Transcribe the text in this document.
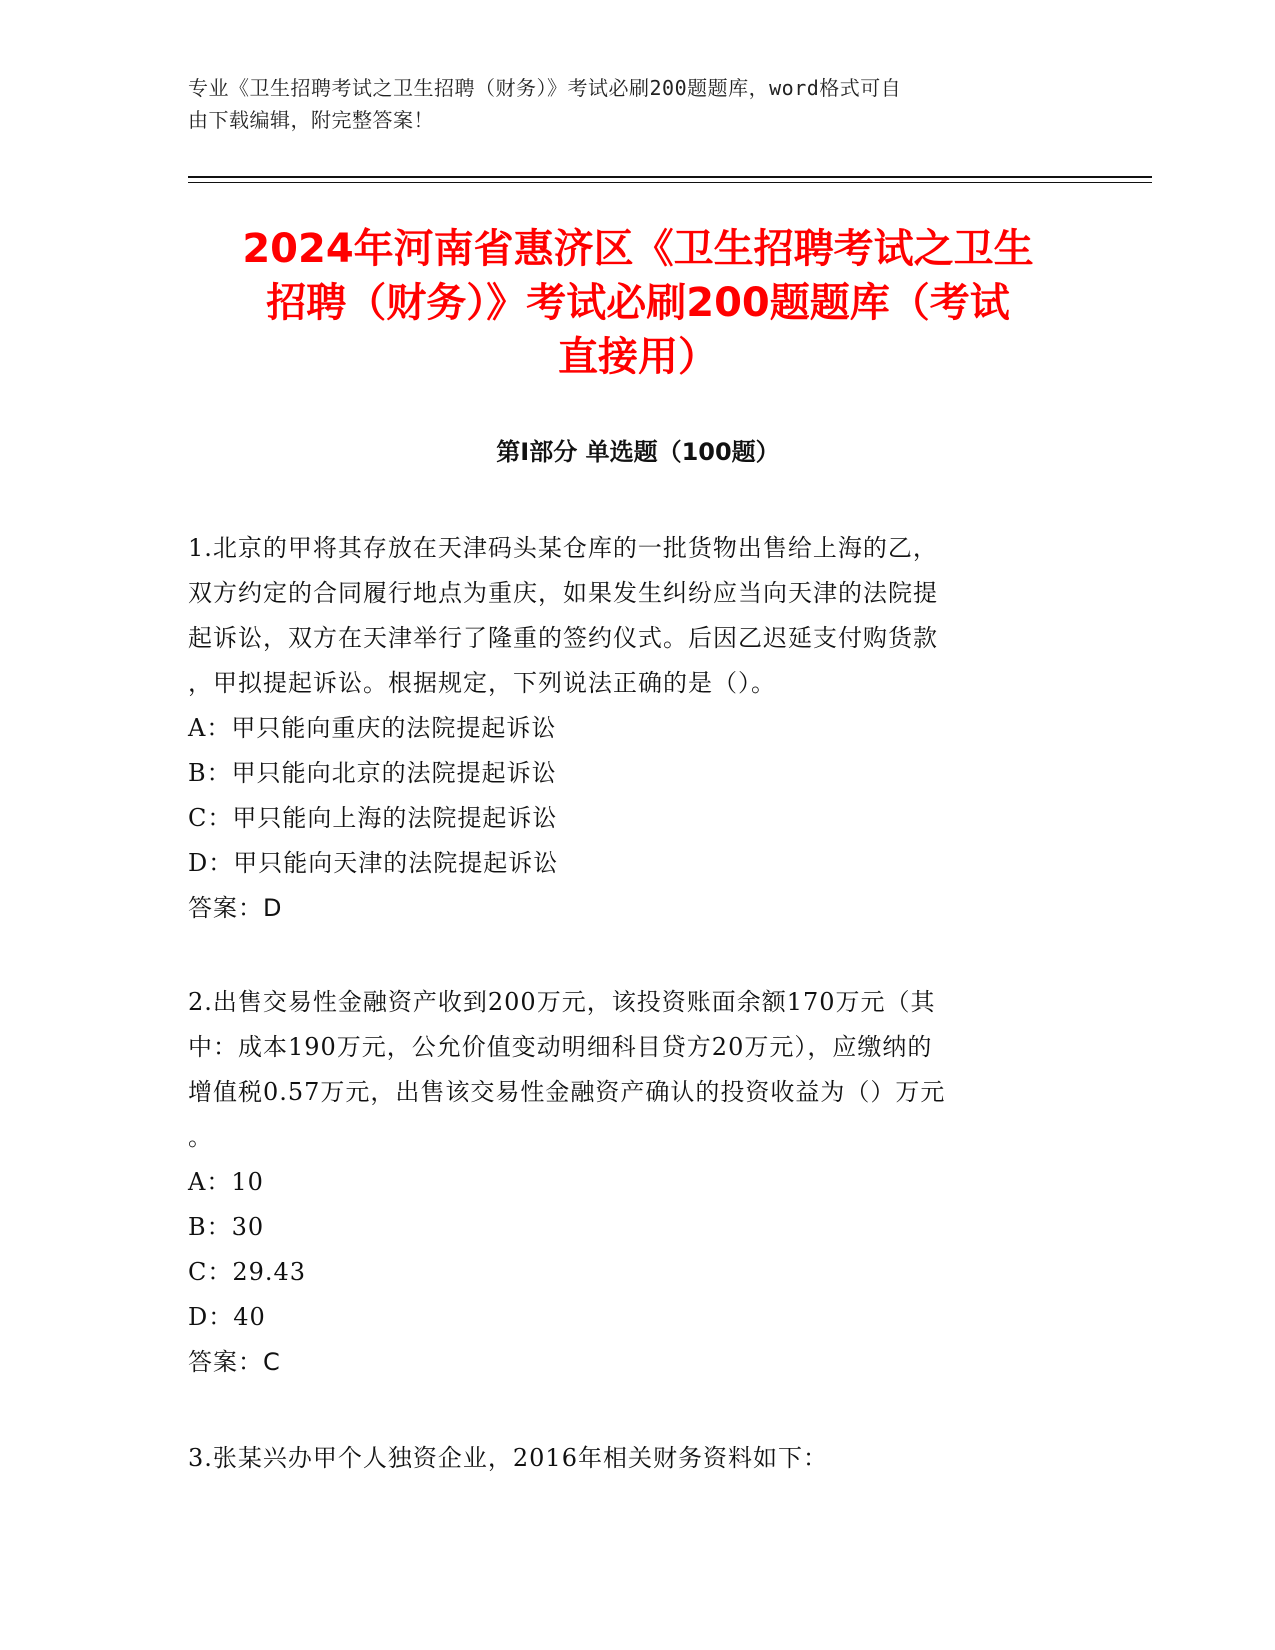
专业《卫生招聘考试之卫生招聘（财务）》考试必刷200题题库，word格式可自
由下载编辑，附完整答案！
2024年河南省惠济区《卫生招聘考试之卫生
招聘（财务）》考试必刷200题题库（考试
直接用）
第Ⅰ部分 单选题（100题）

1.北京的甲将其存放在天津码头某仓库的一批货物出售给上海的乙，

双方约定的合同履行地点为重庆，如果发生纠纷应当向天津的法院提

起诉讼，双方在天津举行了隆重的签约仪式。后因乙迟延支付购货款

，甲拟提起诉讼。根据规定，下列说法正确的是（）。

A：甲只能向重庆的法院提起诉讼

B：甲只能向北京的法院提起诉讼

C：甲只能向上海的法院提起诉讼

D：甲只能向天津的法院提起诉讼

答案：D

2.出售交易性金融资产收到200万元，该投资账面余额170万元（其

中：成本190万元，公允价值变动明细科目贷方20万元），应缴纳的

增值税0.57万元，出售该交易性金融资产确认的投资收益为（）万元

。

A：10

B：30

C：29.43

D：40

答案：C

3.张某兴办甲个人独资企业，2016年相关财务资料如下：
